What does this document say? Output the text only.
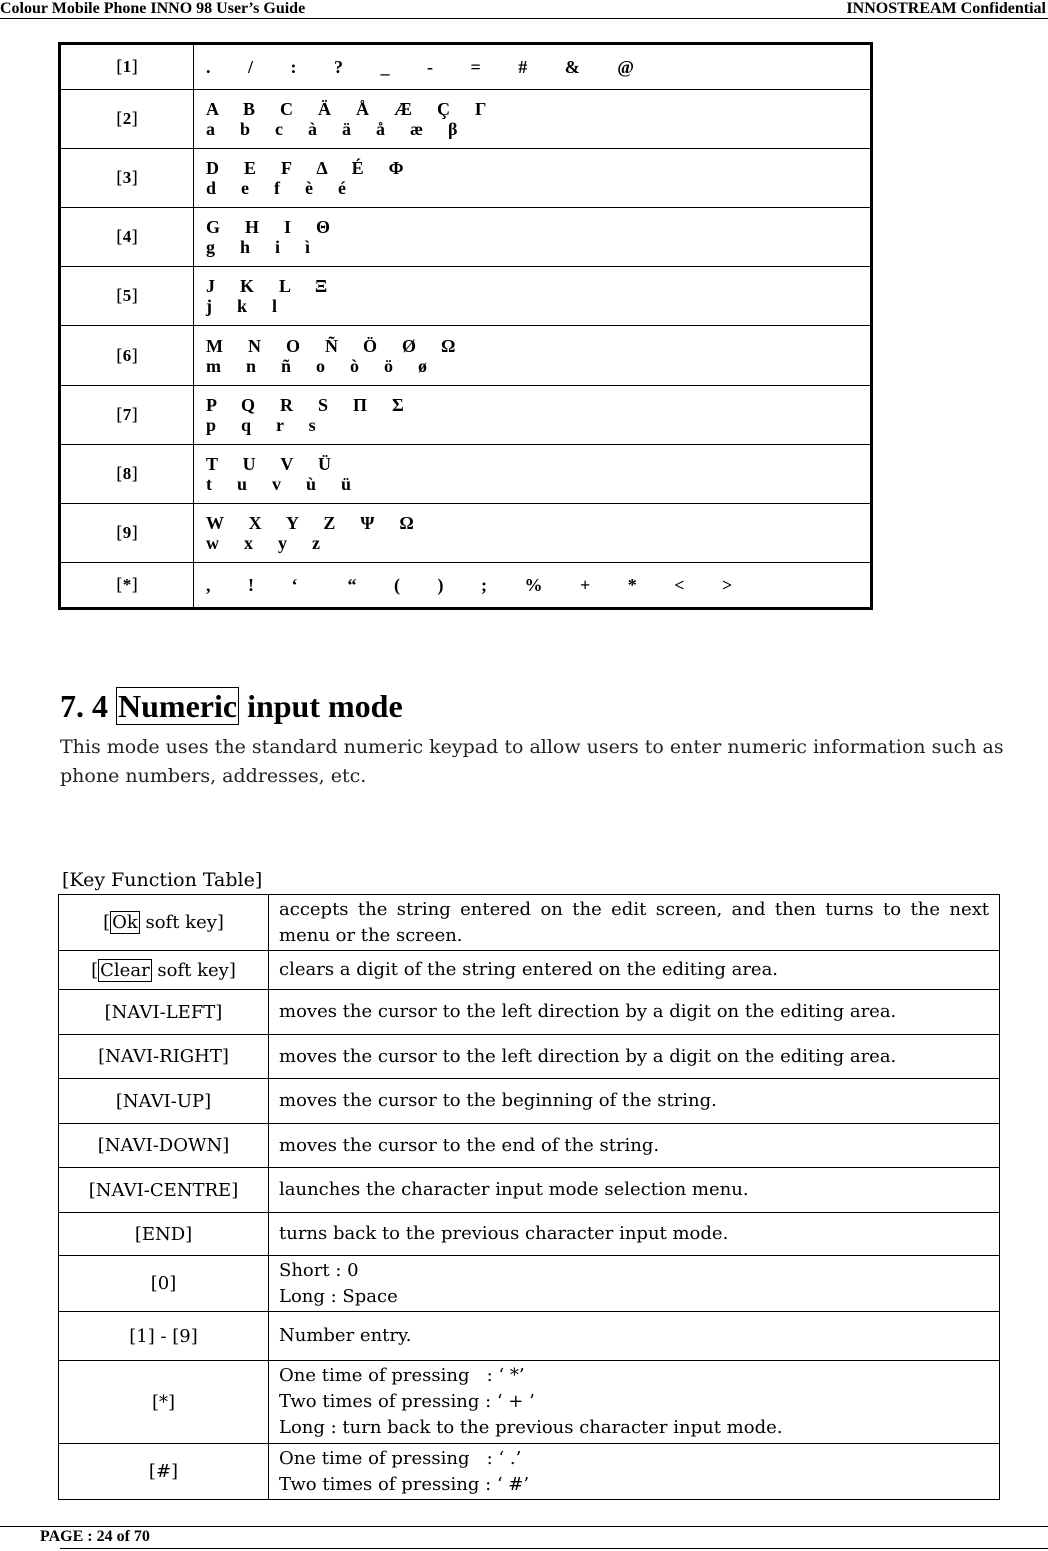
Colour Mobile Phone INNO 98 User’s Guide	INNOSTREAM Confidential
[1]	.   /   :   ?   _   -   =   #   &   @

[2]	A  B  C  Ä  Å  Æ  Ç  Γ
a  b  c  à  ä  å  æ  β

[3]	D  E  F  Δ  É  Φ
d  e  f  è  é

[4]	G  H  I  Θ
g  h  i  ì

[5]	J  K  L  Ξ
j  k  l

[6]	M  N  O  Ñ  Ö  Ø  Ω
m  n  ñ  o  ò  ö  ø

[7]	P  Q  R  S  Π  Σ
p  q  r  s

[8]	T  U  V  Ü
t  u  v  ù  ü

[9]	W  X  Y  Z  Ψ  Ω
w  x  y  z

[*]	,   !   ‘    “   (   )   ;   %   +   *   <   >
7. 4 Numeric input mode
This mode uses the standard numeric keypad to allow users to enter numeric information such as phone numbers, addresses, etc.
[Key Function Table]
[ Ok soft key]	accepts the string entered on the edit screen, and then turns to the next menu or the screen.
[ Clear soft key]	clears a digit of the string entered on the editing area.
[NAVI-LEFT]	moves the cursor to the left direction by a digit on the editing area.
[NAVI-RIGHT]	moves the cursor to the left direction by a digit on the editing area.
[NAVI-UP]	moves the cursor to the beginning of the string.
[NAVI-DOWN]	moves the cursor to the end of the string.
[NAVI-CENTRE]	launches the character input mode selection menu.
[END]	turns back to the previous character input mode.
[0]	Short : 0
Long : Space

[1] - [9]	Number entry.
[*]	One time of pressing   : ‘ *’
Two times of pressing : ‘ + ’
Long : turn back to the previous character input mode.

[#]	One time of pressing   : ‘ .’
Two times of pressing : ‘ #’
PAGE : 24 of 70
